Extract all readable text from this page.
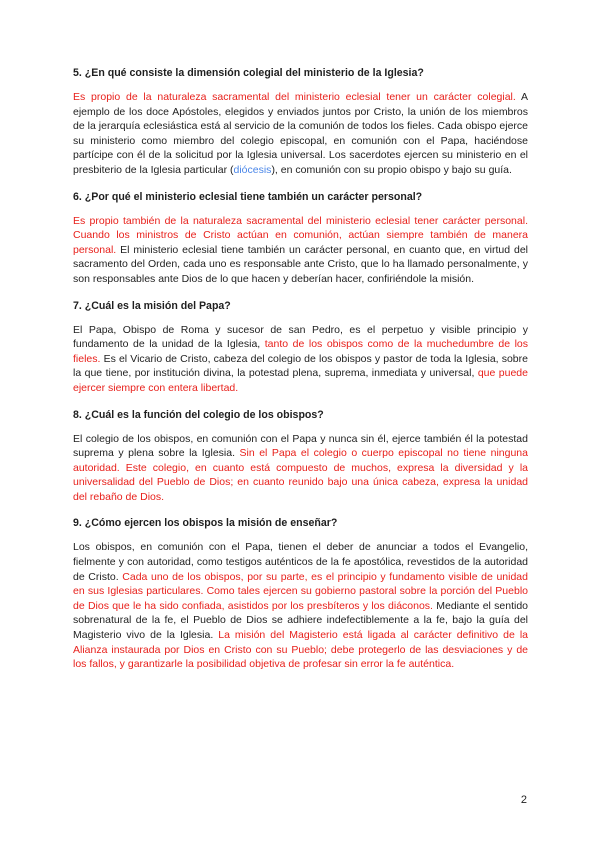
5. ¿En qué consiste la dimensión colegial del ministerio de la Iglesia?

Es propio de la naturaleza sacramental del ministerio eclesial tener un carácter colegial. A ejemplo de los doce Apóstoles, elegidos y enviados juntos por Cristo, la unión de los miembros de la jerarquía eclesiástica está al servicio de la comunión de todos los fieles. Cada obispo ejerce su ministerio como miembro del colegio episcopal, en comunión con el Papa, haciéndose partícipe con él de la solicitud por la Iglesia universal. Los sacerdotes ejercen su ministerio en el presbiterio de la Iglesia particular (diócesis), en comunión con su propio obispo y bajo su guía.

6. ¿Por qué el ministerio eclesial tiene también un carácter personal?

Es propio también de la naturaleza sacramental del ministerio eclesial tener carácter personal. Cuando los ministros de Cristo actúan en comunión, actúan siempre también de manera personal. El ministerio eclesial tiene también un carácter personal, en cuanto que, en virtud del sacramento del Orden, cada uno es responsable ante Cristo, que lo ha llamado personalmente, y son responsables ante Dios de lo que hacen y deberían hacer, confiriéndole la misión.

7. ¿Cuál es la misión del Papa?

El Papa, Obispo de Roma y sucesor de san Pedro, es el perpetuo y visible principio y fundamento de la unidad de la Iglesia, tanto de los obispos como de la muchedumbre de los fieles. Es el Vicario de Cristo, cabeza del colegio de los obispos y pastor de toda la Iglesia, sobre la que tiene, por institución divina, la potestad plena, suprema, inmediata y universal, que puede ejercer siempre con entera libertad.

8. ¿Cuál es la función del colegio de los obispos?

El colegio de los obispos, en comunión con el Papa y nunca sin él, ejerce también él la potestad suprema y plena sobre la Iglesia. Sin el Papa el colegio o cuerpo episcopal no tiene ninguna autoridad. Este colegio, en cuanto está compuesto de muchos, expresa la diversidad y la universalidad del Pueblo de Dios; en cuanto reunido bajo una única cabeza, expresa la unidad del rebaño de Dios.

9. ¿Cómo ejercen los obispos la misión de enseñar?

Los obispos, en comunión con el Papa, tienen el deber de anunciar a todos el Evangelio, fielmente y con autoridad, como testigos auténticos de la fe apostólica, revestidos de la autoridad de Cristo. Cada uno de los obispos, por su parte, es el principio y fundamento visible de unidad en sus Iglesias particulares. Como tales ejercen su gobierno pastoral sobre la porción del Pueblo de Dios que le ha sido confiada, asistidos por los presbíteros y los diáconos. Mediante el sentido sobrenatural de la fe, el Pueblo de Dios se adhiere indefectiblemente a la fe, bajo la guía del Magisterio vivo de la Iglesia. La misión del Magisterio está ligada al carácter definitivo de la Alianza instaurada por Dios en Cristo con su Pueblo; debe protegerlo de las desviaciones y de los fallos, y garantizarle la posibilidad objetiva de profesar sin error la fe auténtica.

2
